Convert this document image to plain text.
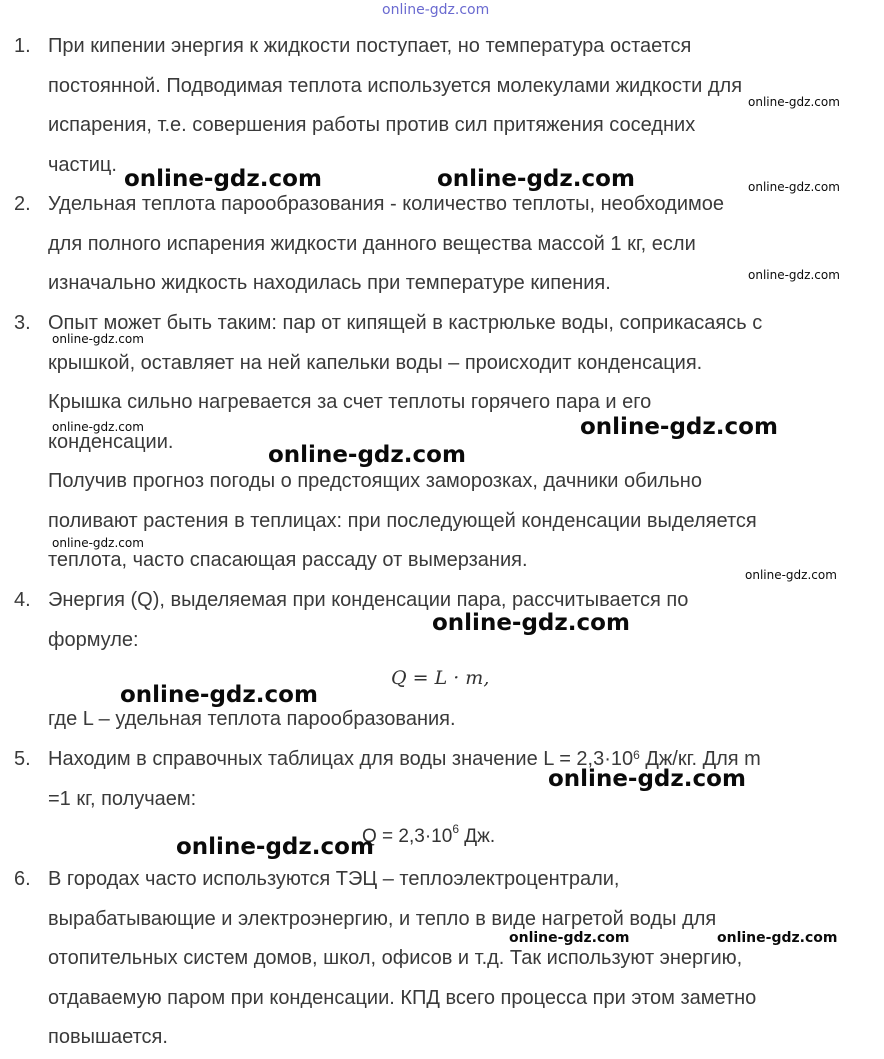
1. При кипении энергия к жидкости поступает, но температура остается
постоянной. Подводимая теплота используется молекулами жидкости для
испарения, т.е. совершения работы против сил притяжения соседних
частиц.
2. Удельная теплота парообразования - количество теплоты, необходимое
для полного испарения жидкости данного вещества массой 1 кг, если
изначально жидкость находилась при температуре кипения.
3. Опыт может быть таким: пар от кипящей в кастрюльке воды, соприкасаясь с
крышкой, оставляет на ней капельки воды – происходит конденсация.
Крышка сильно нагревается за счет теплоты горячего пара и его
конденсации.
Получив прогноз погоды о предстоящих заморозках, дачники обильно
поливают растения в теплицах: при последующей конденсации выделяется
теплота, часто спасающая рассаду от вымерзания.
4. Энергия (Q), выделяемая при конденсации пара, рассчитывается по
формуле:
Q = L · m,
где L – удельная теплота парообразования.
5. Находим в справочных таблицах для воды значение $L = 2,3\cdot 10^6$ Дж/кг. Для m
=1 кг, получаем:
$Q = 2,3\cdot 10^6$ Дж.
6. В городах часто используются ТЭЦ – теплоэлектроцентрали,
вырабатывающие и электроэнергию, и тепло в виде нагретой воды для
отопительных систем домов, школ, офисов и т.д. Так используют энергию,
отдаваемую паром при конденсации. КПД всего процесса при этом заметно
повышается.
online-gdz.com
online-gdz.com
online-gdz.com	online-gdz.com	online-gdz.com
online-gdz.com
online-gdz.com
online-gdz.com	online-gdz.com
online-gdz.com
online-gdz.com
online-gdz.com
online-gdz.com
online-gdz.com
online-gdz.com
online-gdz.com
online-gdz.com	online-gdz.com
